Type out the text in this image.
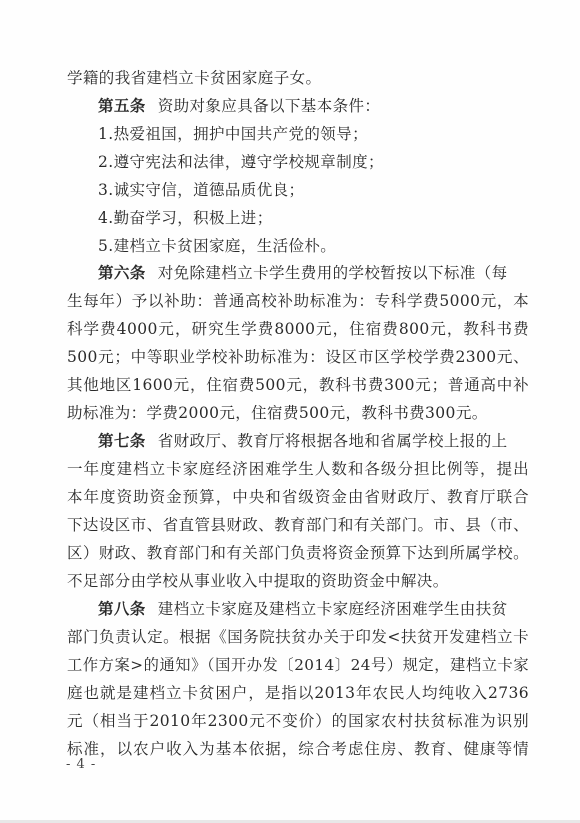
学籍的我省建档立卡贫困家庭子女。
第五条 资助对象应具备以下基本条件：
1.热爱祖国，拥护中国共产党的领导；
2.遵守宪法和法律，遵守学校规章制度；
3.诚实守信，道德品质优良；
4.勤奋学习，积极上进；
5.建档立卡贫困家庭，生活俭朴。
第六条 对免除建档立卡学生费用的学校暂按以下标准（每
生每年）予以补助：普通高校补助标准为：专科学费5000元，本
科学费4000元，研究生学费8000元，住宿费800元，教科书费
500元；中等职业学校补助标准为：设区市区学校学费2300元、
其他地区1600元，住宿费500元，教科书费300元；普通高中补
助标准为：学费2000元，住宿费500元，教科书费300元。
第七条 省财政厅、教育厅将根据各地和省属学校上报的上
一年度建档立卡家庭经济困难学生人数和各级分担比例等，提出
本年度资助资金预算，中央和省级资金由省财政厅、教育厅联合
下达设区市、省直管县财政、教育部门和有关部门。市、县（市、
区）财政、教育部门和有关部门负责将资金预算下达到所属学校。
不足部分由学校从事业收入中提取的资助资金中解决。
第八条 建档立卡家庭及建档立卡家庭经济困难学生由扶贫
部门负责认定。根据《国务院扶贫办关于印发<扶贫开发建档立卡
工作方案>的通知》（国开办发〔2014〕24号）规定，建档立卡家
庭也就是建档立卡贫困户，是指以2013年农民人均纯收入2736
元（相当于2010年2300元不变价）的国家农村扶贫标准为识别
标准，以农户收入为基本依据，综合考虑住房、教育、健康等情
- 4 -
